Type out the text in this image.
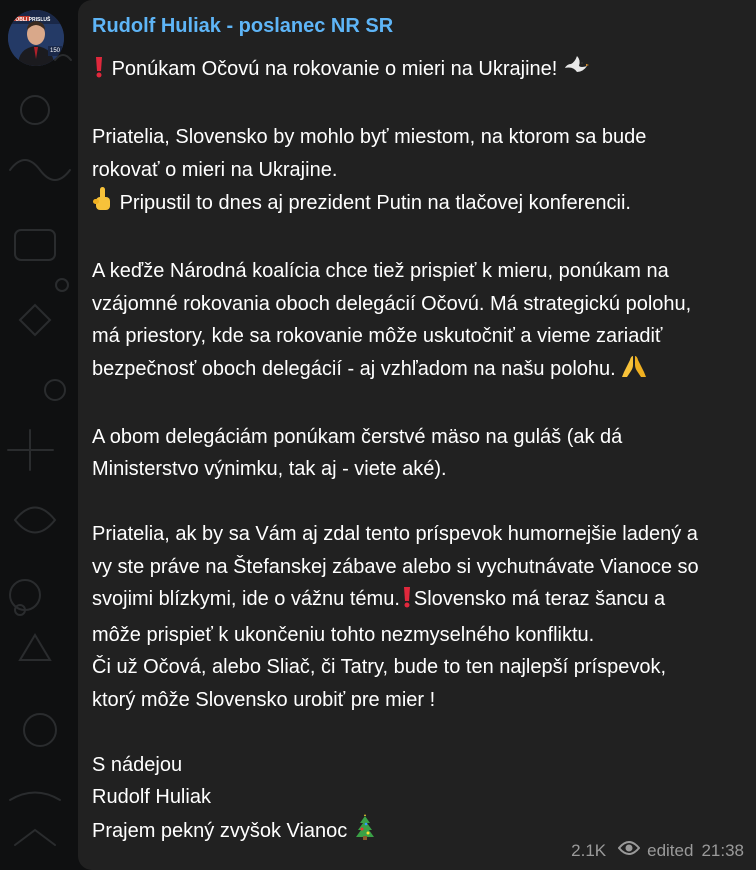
VOBLI PRISLUŠ
150
Rudolf Huliak - poslanec NR SR

Ponúkam Očovú na rokovanie o mieri na Ukrajine!

Priatelia, Slovensko by mohlo byť miestom, na ktorom sa bude

rokovať o mieri na Ukrajine.

Pripustil to dnes aj prezident Putin na tlačovej konferencii.

A keďže Národná koalícia chce tiež prispieť k mieru, ponúkam na

vzájomné rokovania oboch delegácií Očovú. Má strategickú polohu,

má priestory, kde sa rokovanie môže uskutočniť a vieme zariadiť

bezpečnosť oboch delegácií - aj vzhľadom na našu polohu.

A obom delegáciám ponúkam čerstvé mäso na guláš (ak dá

Ministerstvo výnimku, tak aj - viete aké).

Priatelia, ak by sa Vám aj zdal tento príspevok humornejšie ladený a

vy ste práve na Štefanskej zábave alebo si vychutnávate Vianoce so

svojimi blízkymi, ide o vážnu tému. Slovensko má teraz šancu a

môže prispieť k ukončeniu tohto nezmyselného konfliktu.

Či už Očová, alebo Sliač, či Tatry, bude to ten najlepší príspevok,

ktorý môže Slovensko urobiť pre mier !

S nádejou

Rudolf Huliak

Prajem pekný zvyšok Vianoc

2.1K edited 21:38
